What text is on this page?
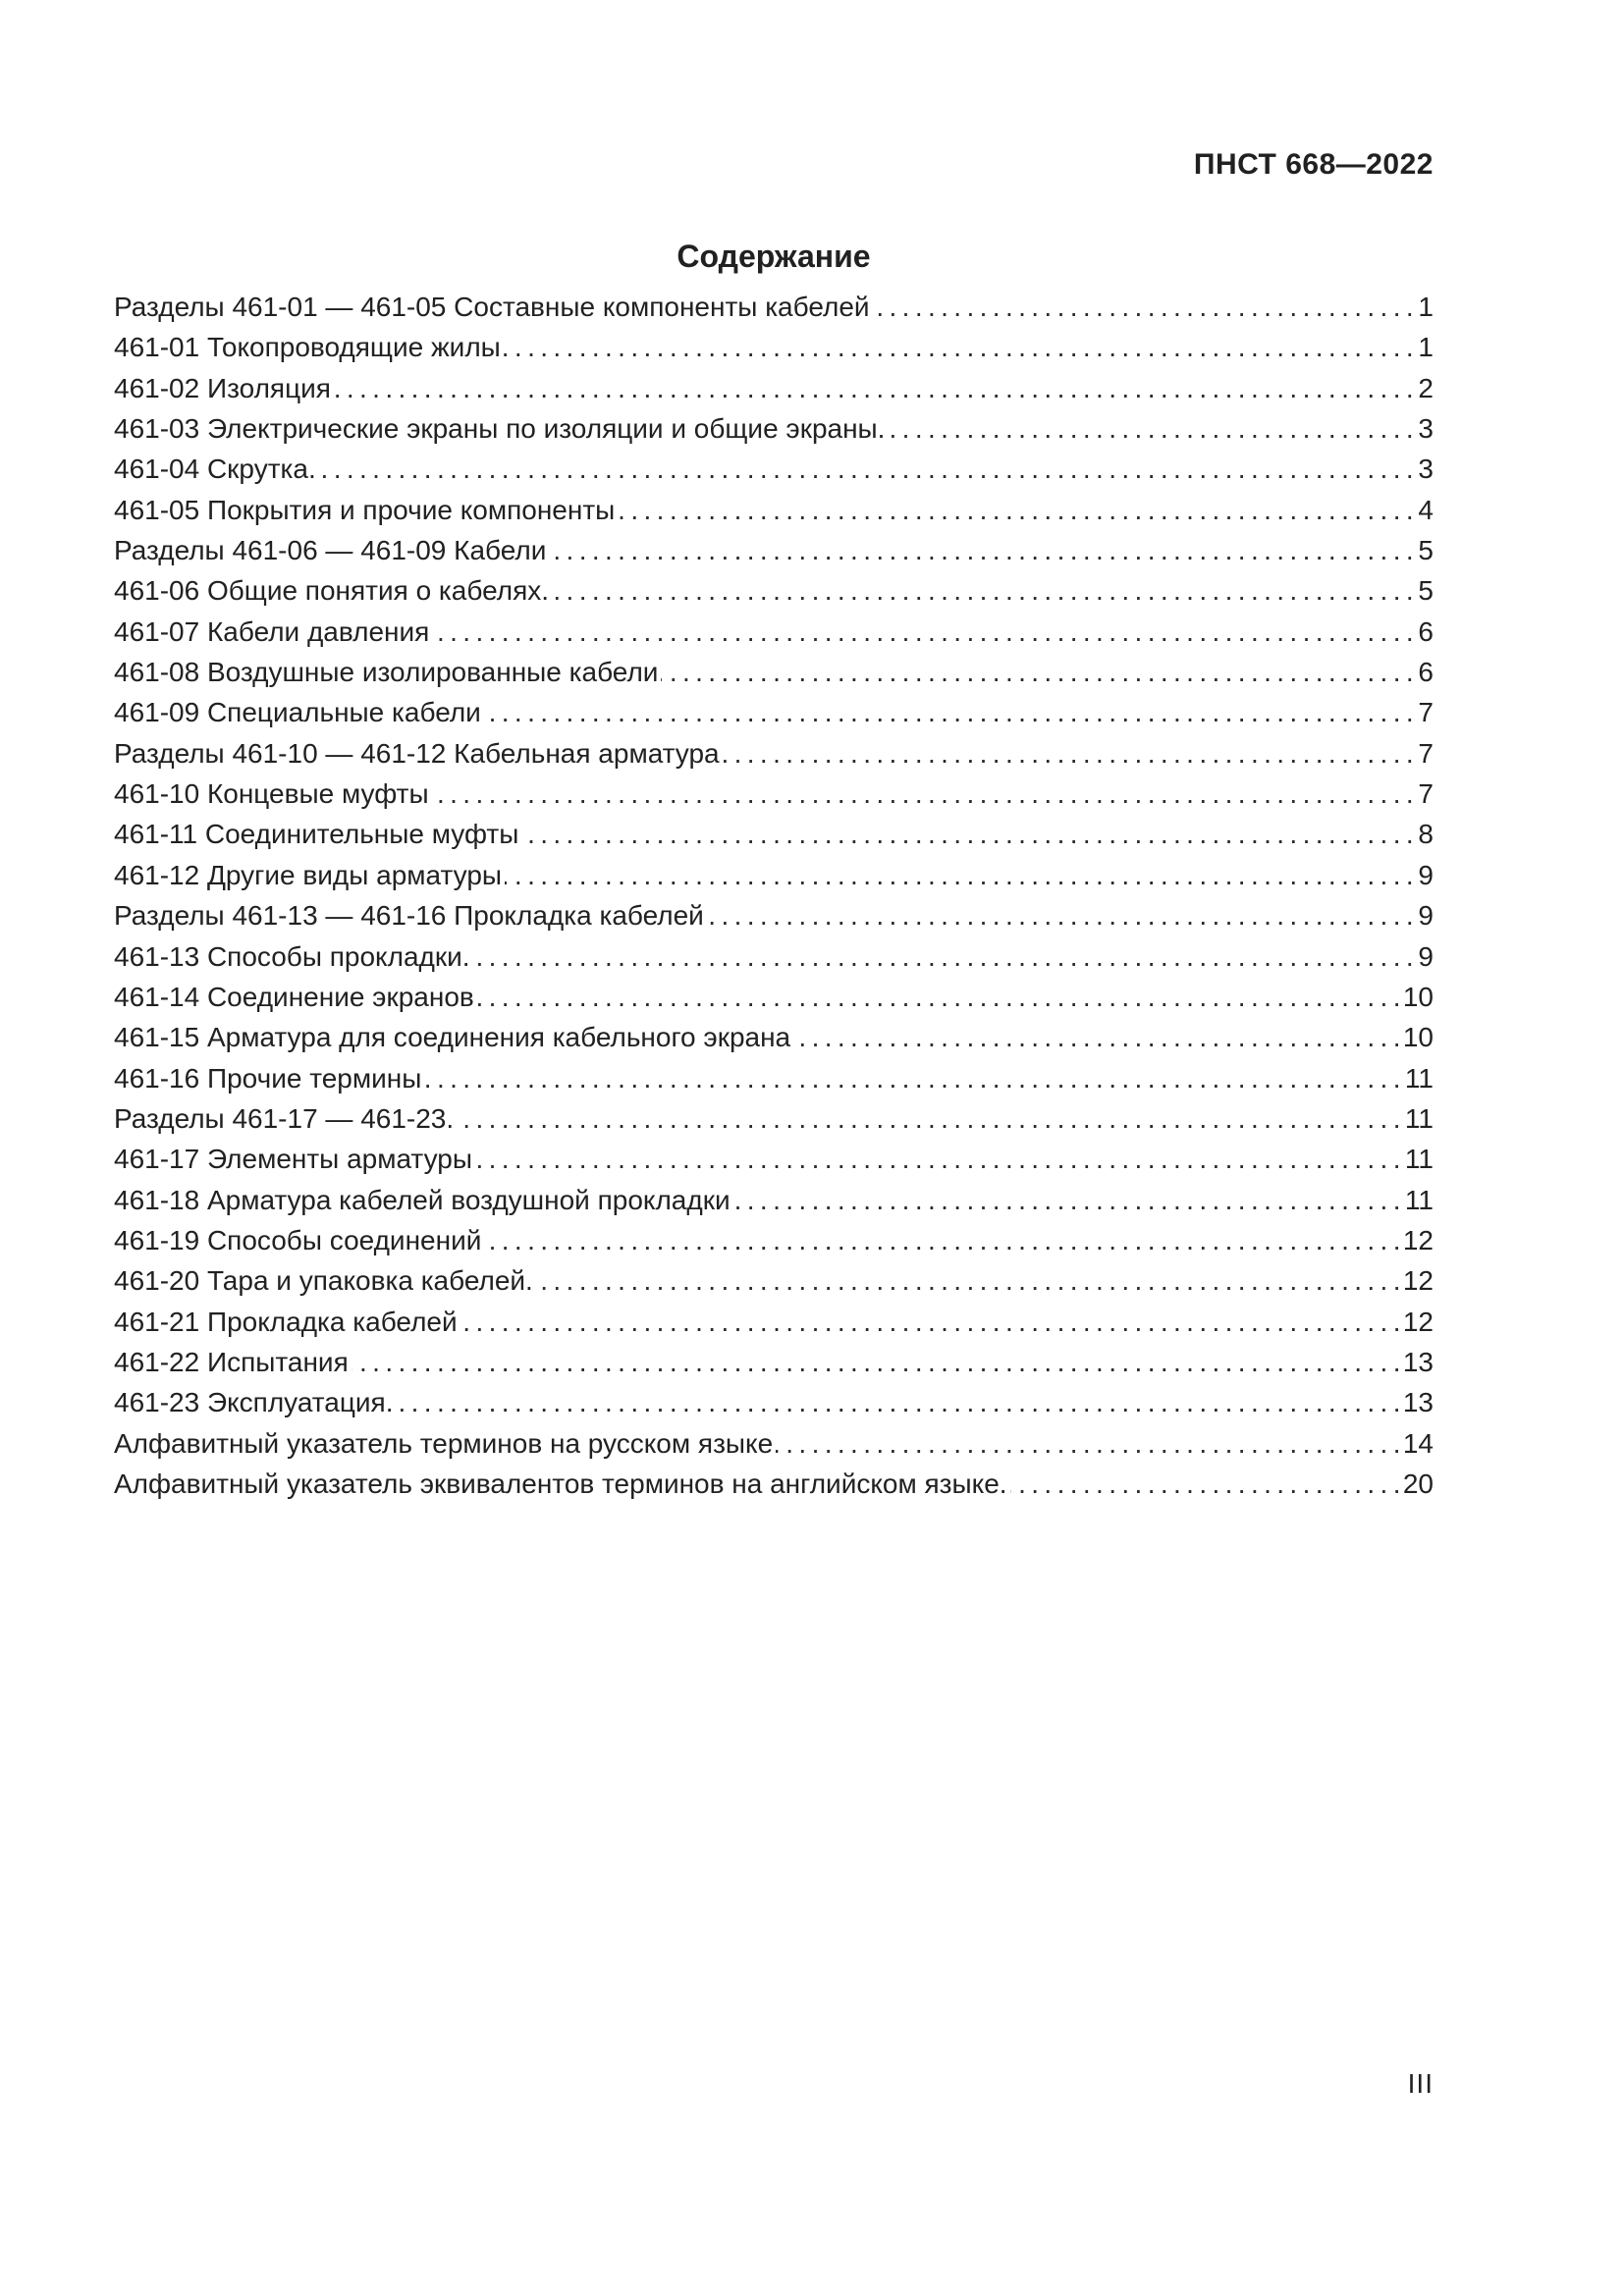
ПНСТ 668—2022
Содержание
. . .
Разделы 461-01 — 461-05 Составные компоненты кабелей	1
. . .
461-01 Токопроводящие жилы	1
. . .
461-02 Изоляция	2
. . .
461-03 Электрические экраны по изоляции и общие экраны.	3
. . .
461-04 Скрутка.	3
. . .
461-05 Покрытия и прочие компоненты	4
. . .
Разделы 461-06 — 461-09 Кабели	5
. . .
461-06 Общие понятия о кабелях.	5
. . .
461-07 Кабели давления	6
. . .
461-08 Воздушные изолированные кабели	6
. . .
461-09 Специальные кабели	7
. . .
Разделы 461-10 — 461-12 Кабельная арматура	7
. . .
461-10 Концевые муфты	7
. . .
461-11 Соединительные муфты	8
. . .
461-12 Другие виды арматуры	9
. . .
Разделы 461-13 — 461-16 Прокладка кабелей	9
. . .
461-13 Способы прокладки.	9
. . .
461-14 Соединение экранов	10
. . .
461-15 Арматура для соединения кабельного экрана	10
. . .
461-16 Прочие термины	11
. . .
Разделы 461-17 — 461-23.	11
. . .
461-17 Элементы арматуры	11
. . .
461-18 Арматура кабелей воздушной прокладки	11
. . .
461-19 Способы соединений	12
. . .
461-20 Тара и упаковка кабелей.	12
. . .
461-21 Прокладка кабелей	12
. . .
461-22 Испытания	13
. . .
461-23 Эксплуатация.	13
. . .
Алфавитный указатель терминов на русском языке	14
. . .
Алфавитный указатель эквивалентов терминов на английском языке.	20
III
